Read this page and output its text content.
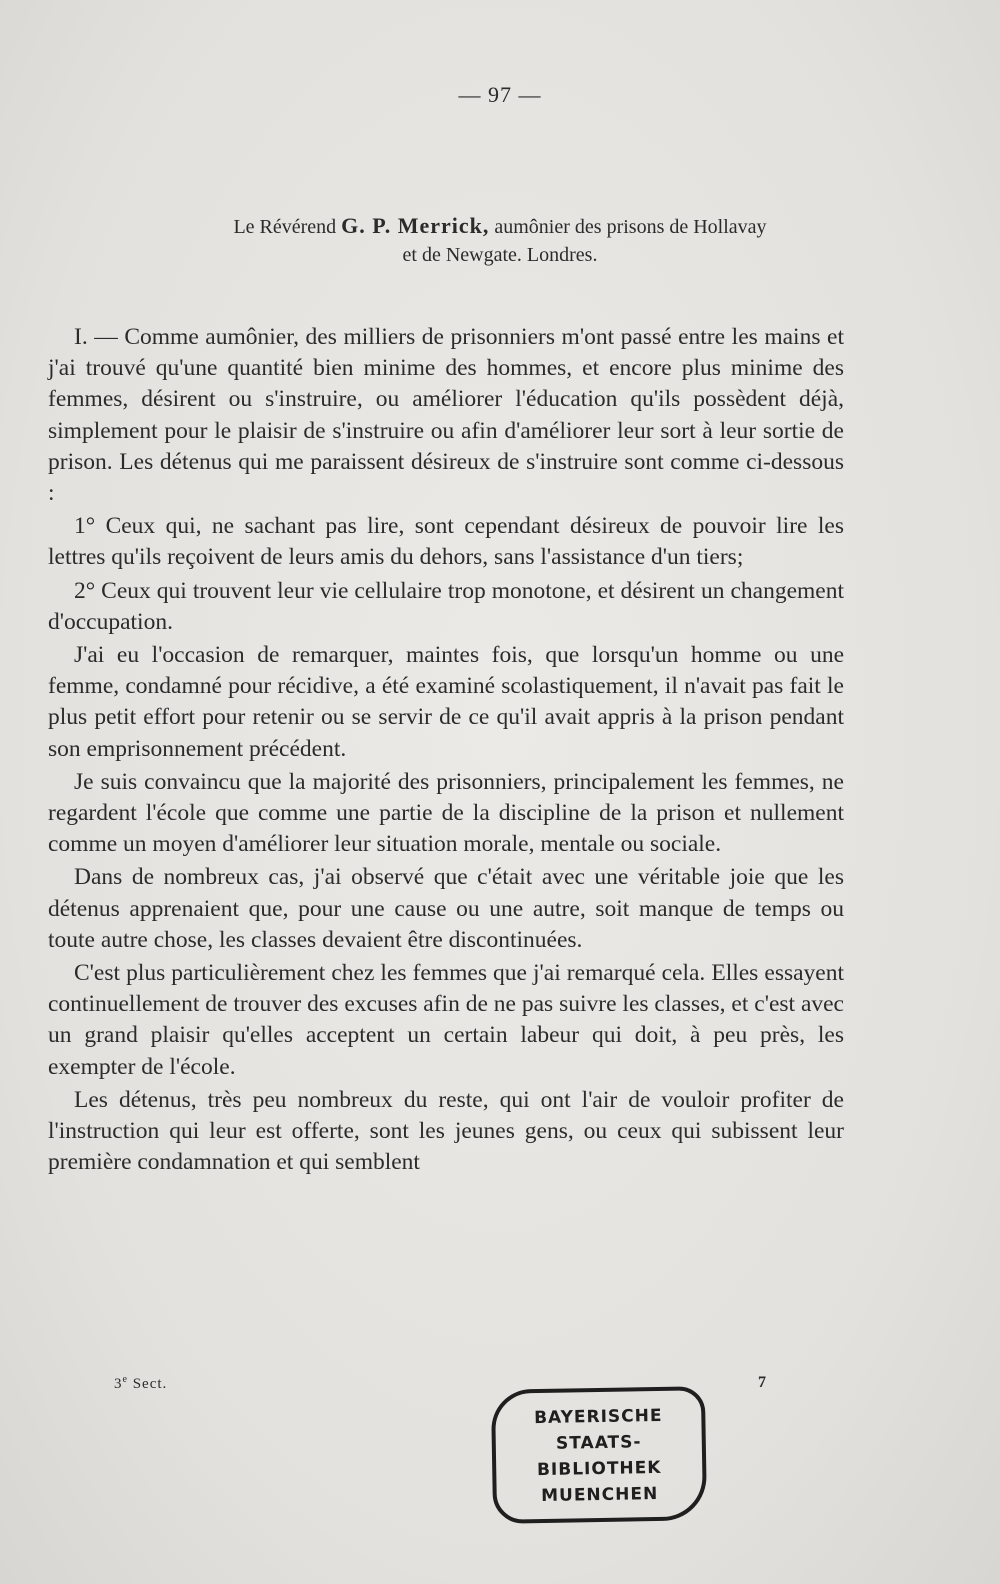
— 97 —
Le Révérend G. P. Merrick, aumônier des prisons de Hollavay
et de Newgate. Londres.

I. — Comme aumônier, des milliers de prisonniers m'ont passé entre les mains et j'ai trouvé qu'une quantité bien minime des hommes, et encore plus minime des femmes, désirent ou s'instruire, ou améliorer l'éducation qu'ils possèdent déjà, simplement pour le plaisir de s'instruire ou afin d'améliorer leur sort à leur sortie de prison. Les détenus qui me paraissent désireux de s'instruire sont comme ci-dessous :

1° Ceux qui, ne sachant pas lire, sont cependant désireux de pouvoir lire les lettres qu'ils reçoivent de leurs amis du dehors, sans l'assistance d'un tiers;

2° Ceux qui trouvent leur vie cellulaire trop monotone, et désirent un changement d'occupation.

J'ai eu l'occasion de remarquer, maintes fois, que lorsqu'un homme ou une femme, condamné pour récidive, a été examiné scolastiquement, il n'avait pas fait le plus petit effort pour retenir ou se servir de ce qu'il avait appris à la prison pendant son emprisonnement précédent.

Je suis convaincu que la majorité des prisonniers, principalement les femmes, ne regardent l'école que comme une partie de la discipline de la prison et nullement comme un moyen d'améliorer leur situation morale, mentale ou sociale.

Dans de nombreux cas, j'ai observé que c'était avec une véritable joie que les détenus apprenaient que, pour une cause ou une autre, soit manque de temps ou toute autre chose, les classes devaient être discontinuées.

C'est plus particulièrement chez les femmes que j'ai remarqué cela. Elles essayent continuellement de trouver des excuses afin de ne pas suivre les classes, et c'est avec un grand plaisir qu'elles acceptent un certain labeur qui doit, à peu près, les exempter de l'école.

Les détenus, très peu nombreux du reste, qui ont l'air de vouloir profiter de l'instruction qui leur est offerte, sont les jeunes gens, ou ceux qui subissent leur première condamnation et qui semblent

3e Sect.	7
BAYERISCHE
STAATS-
BIBLIOTHEK
MUENCHEN
